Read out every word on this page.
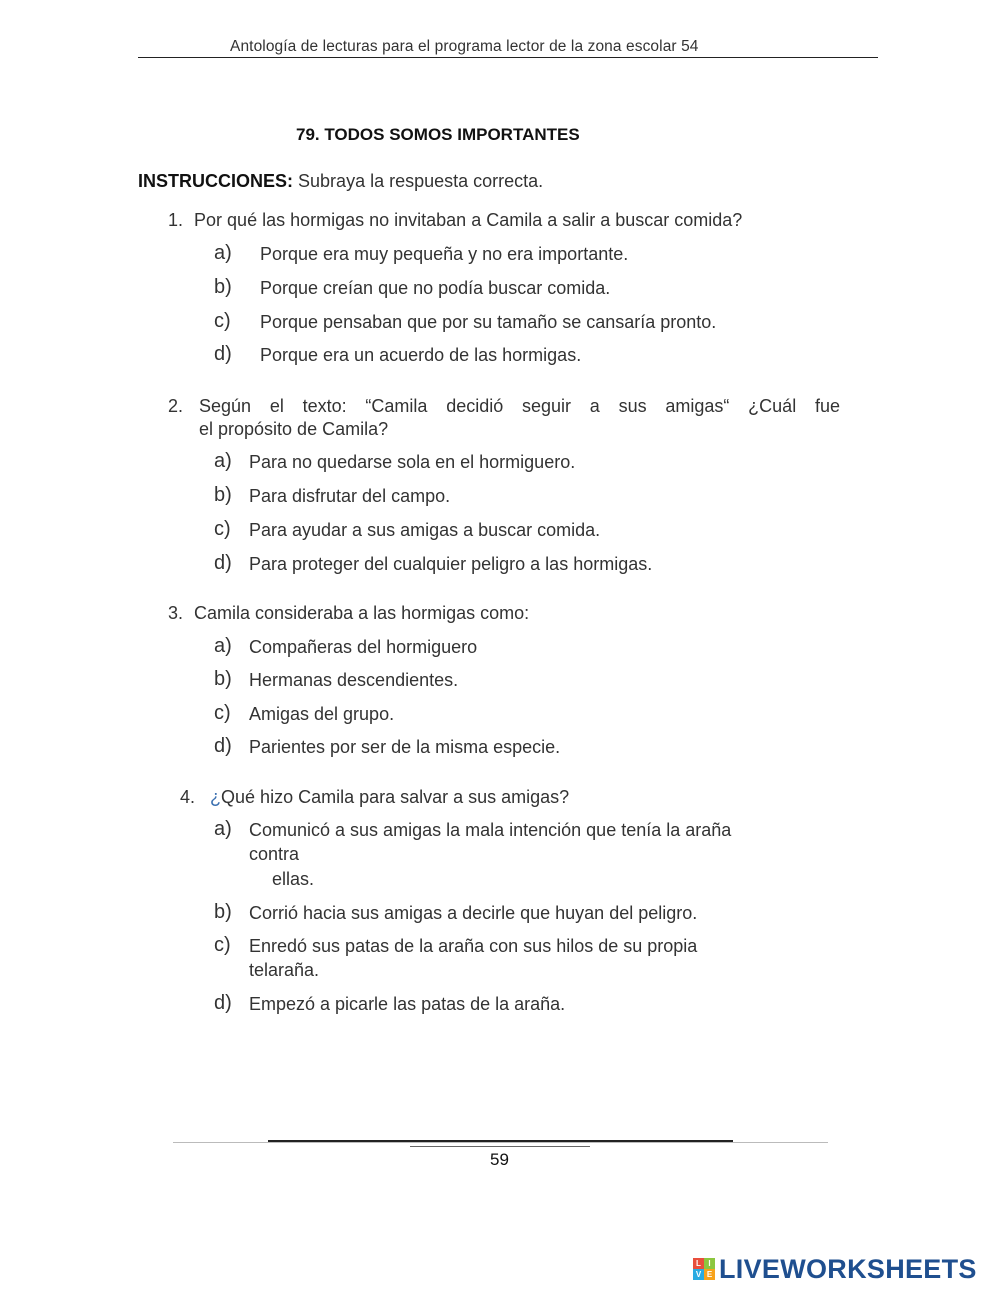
Antología de lecturas para el programa lector de la zona escolar 54
79. TODOS SOMOS IMPORTANTES
INSTRUCCIONES: Subraya la respuesta correcta.
1. Por qué las hormigas no invitaban a Camila a salir a buscar comida?
a) Porque era muy pequeña y no era importante.
b) Porque creían que no podía buscar comida.
c) Porque pensaban que por su tamaño se cansaría pronto.
d) Porque era un acuerdo de las hormigas.
2. Según el texto: “Camila decidió seguir a sus amigas“ ¿Cuál fue
el propósito de Camila?
a) Para no quedarse sola en el hormiguero.
b) Para disfrutar del campo.
c) Para ayudar a sus amigas a buscar comida.
d) Para proteger del cualquier peligro a las hormigas.
3. Camila consideraba a las hormigas como:
a) Compañeras del hormiguero
b) Hermanas descendientes.
c) Amigas del grupo.
d) Parientes por ser de la misma especie.
4. ¿Qué hizo Camila para salvar a sus amigas?
a) Comunicó a sus amigas la mala intención que tenía la araña
contra
ellas.
b) Corrió hacia sus amigas a decirle que huyan del peligro.
c) Enredó sus patas de la araña con sus hilos de su propia
telaraña.
d) Empezó a picarle las patas de la araña.
59
L I
V E LIVEWORKSHEETS
